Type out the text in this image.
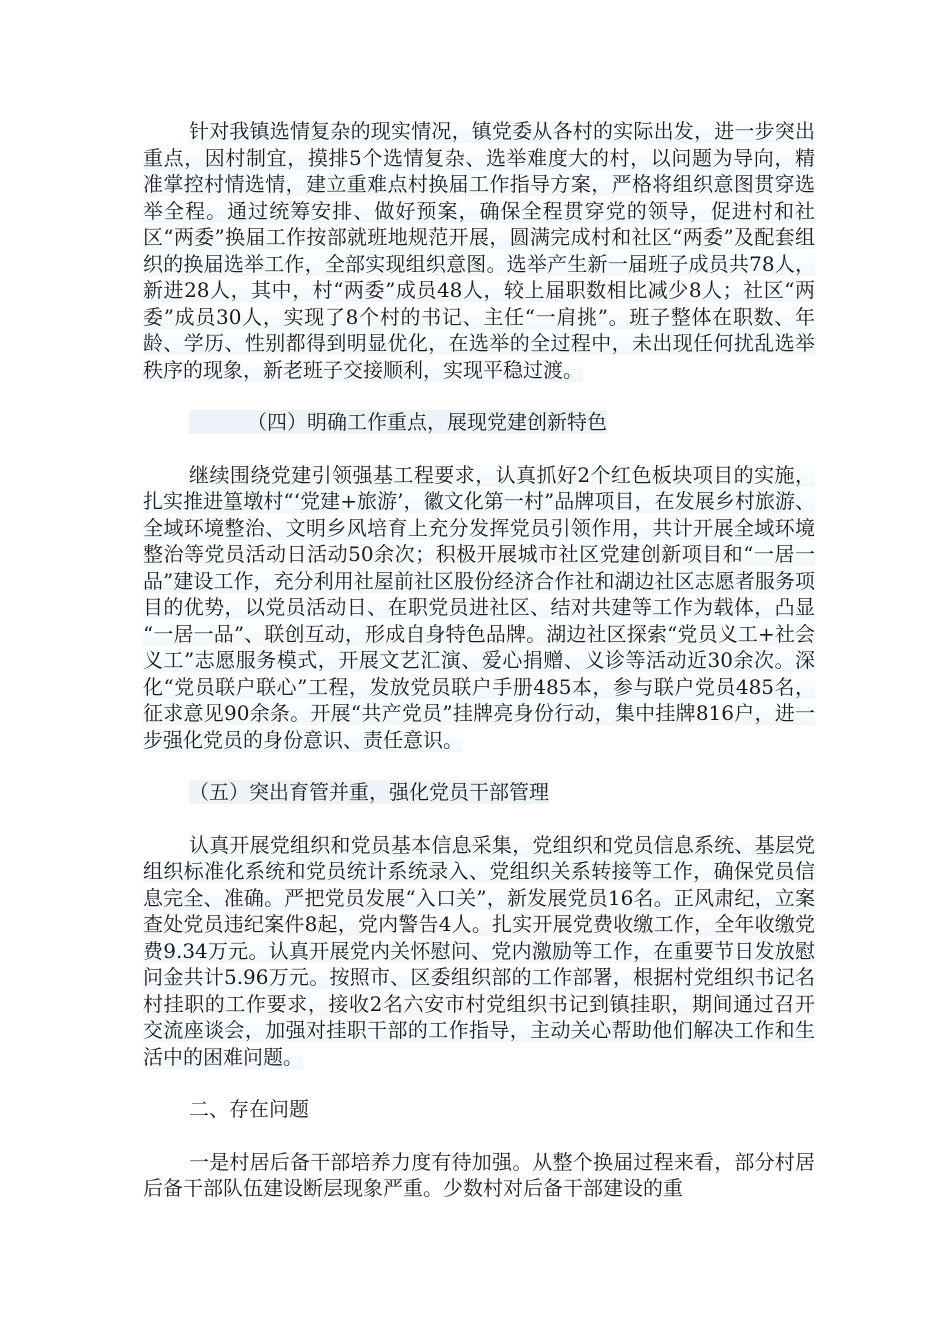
针对我镇选情复杂的现实情况，镇党委从各村的实际出发，进一步突出重点，因村制宜，摸排5个选情复杂、选举难度大的村，以问题为导向，精准掌控村情选情，建立重难点村换届工作指导方案，严格将组织意图贯穿选举全程。通过统筹安排、做好预案，确保全程贯穿党的领导，促进村和社区“两委”换届工作按部就班地规范开展，圆满完成村和社区“两委”及配套组织的换届选举工作，全部实现组织意图。选举产生新一届班子成员共78人，新进28人，其中，村“两委”成员48人，较上届职数相比减少8人；社区“两委”成员30人，实现了8个村的书记、主任“一肩挑”。班子整体在职数、年龄、学历、性别都得到明显优化，在选举的全过程中，未出现任何扰乱选举秩序的现象，新老班子交接顺利，实现平稳过渡。

（四）明确工作重点，展现党建创新特色

继续围绕党建引领强基工程要求，认真抓好2个红色板块项目的实施，扎实推进篁墩村“‘党建+旅游’，徽文化第一村”品牌项目，在发展乡村旅游、全域环境整治、文明乡风培育上充分发挥党员引领作用，共计开展全域环境整治等党员活动日活动50余次；积极开展城市社区党建创新项目和“一居一品”建设工作，充分利用社屋前社区股份经济合作社和湖边社区志愿者服务项目的优势，以党员活动日、在职党员进社区、结对共建等工作为载体，凸显 “一居一品”、联创互动，形成自身特色品牌。湖边社区探索“党员义工+社会义工”志愿服务模式，开展文艺汇演、爱心捐赠、义诊等活动近30余次。深化“党员联户联心”工程，发放党员联户手册485本，参与联户党员485名，征求意见90余条。开展“共产党员”挂牌亮身份行动，集中挂牌816户，进一步强化党员的身份意识、责任意识。

（五）突出育管并重，强化党员干部管理

认真开展党组织和党员基本信息采集，党组织和党员信息系统、基层党组织标准化系统和党员统计系统录入、党组织关系转接等工作，确保党员信息完全、准确。严把党员发展“入口关”，新发展党员16名。正风肃纪，立案查处党员违纪案件8起，党内警告4人。扎实开展党费收缴工作，全年收缴党费9.34万元。认真开展党内关怀慰问、党内激励等工作，在重要节日发放慰问金共计5.96万元。按照市、区委组织部的工作部署，根据村党组织书记名村挂职的工作要求，接收2名六安市村党组织书记到镇挂职，期间通过召开交流座谈会，加强对挂职干部的工作指导，主动关心帮助他们解决工作和生活中的困难问题。

二、存在问题

一是村居后备干部培养力度有待加强。从整个换届过程来看，部分村居后备干部队伍建设断层现象严重。少数村对后备干部建设的重
